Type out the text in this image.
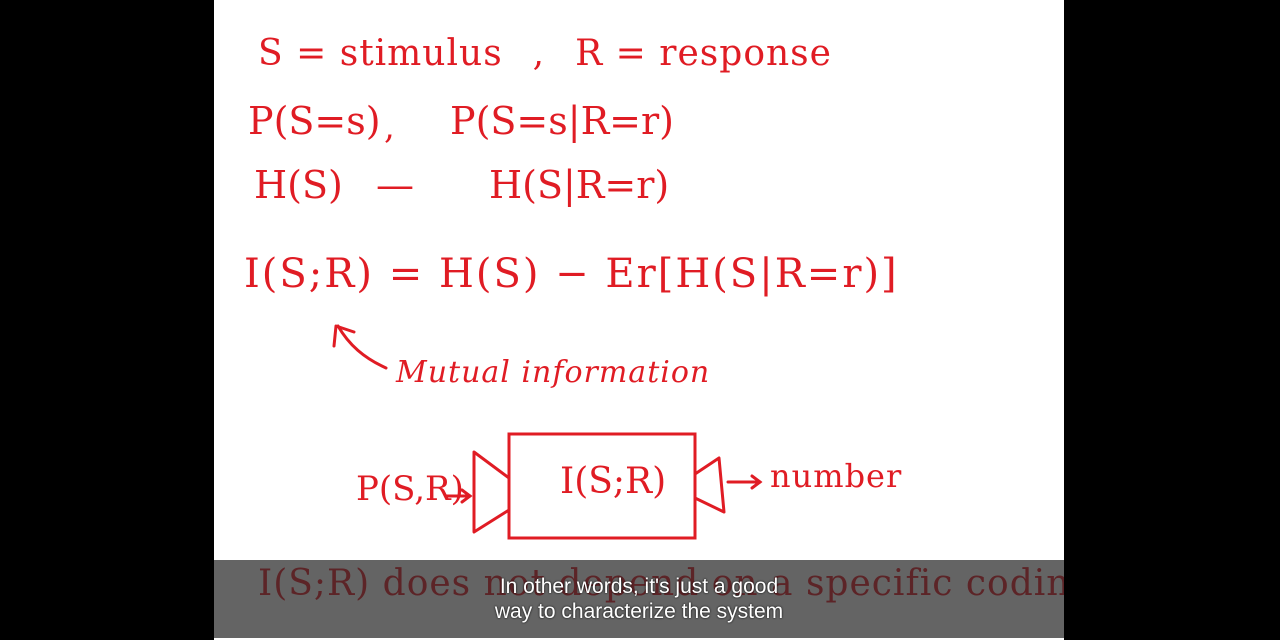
S = stimulus , R = response
P(S=s) , P(S=s|R=r)
H(S) — H(S|R=r)
I(S;R) = H(S) − Er[H(S|R=r)]
Mutual information
P(S,R)	I(S;R)	number
In other words, it's just a good
way to characterize the system
